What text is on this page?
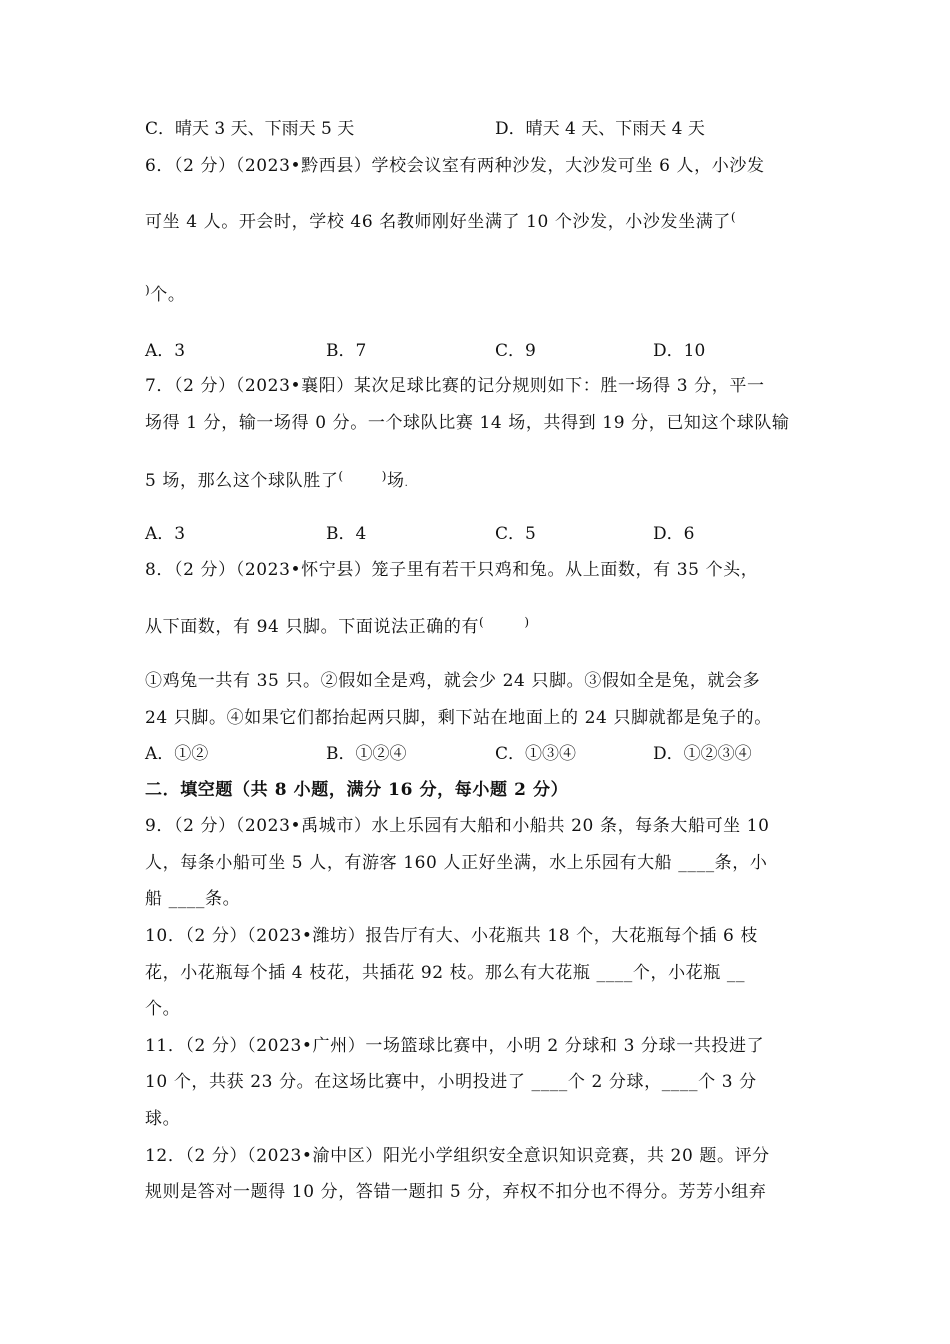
C．晴天 3 天、下雨天 5 天	D．晴天 4 天、下雨天 4 天
6．（2 分）（2023•黔西县）学校会议室有两种沙发，大沙发可坐 6 人，小沙发
可坐 4 人。开会时，学校 46 名教师刚好坐满了 10 个沙发，小沙发坐满了(
)个。
A．3	B．7	C．9	D．10
7．（2 分）（2023•襄阳）某次足球比赛的记分规则如下：胜一场得 3 分，平一
场得 1 分，输一场得 0 分。一个球队比赛 14 场，共得到 19 分，已知这个球队输
5 场，那么这个球队胜了(	)场.
A．3	B．4	C．5	D．6
8．（2 分）（2023•怀宁县）笼子里有若干只鸡和兔。从上面数，有 35 个头，
从下面数，有 94 只脚。下面说法正确的有(	)
①鸡兔一共有 35 只。②假如全是鸡，就会少 24 只脚。③假如全是兔，就会多
24 只脚。④如果它们都抬起两只脚，剩下站在地面上的 24 只脚就都是兔子的。
A．①②	B．①②④	C．①③④	D．①②③④
二．填空题（共 8 小题，满分 16 分，每小题 2 分）
9．（2 分）（2023•禹城市）水上乐园有大船和小船共 20 条，每条大船可坐 10
人，每条小船可坐 5 人，有游客 160 人正好坐满，水上乐园有大船 ____条，小
船 ____条。
10．（2 分）（2023•潍坊）报告厅有大、小花瓶共 18 个，大花瓶每个插 6 枝
花，小花瓶每个插 4 枝花，共插花 92 枝。那么有大花瓶 ____个，小花瓶 __
个。
11．（2 分）（2023•广州）一场篮球比赛中，小明 2 分球和 3 分球一共投进了
10 个，共获 23 分。在这场比赛中，小明投进了 ____个 2 分球，____个 3 分
球。
12．（2 分）（2023•渝中区）阳光小学组织安全意识知识竞赛，共 20 题。评分
规则是答对一题得 10 分，答错一题扣 5 分，弃权不扣分也不得分。芳芳小组弃
